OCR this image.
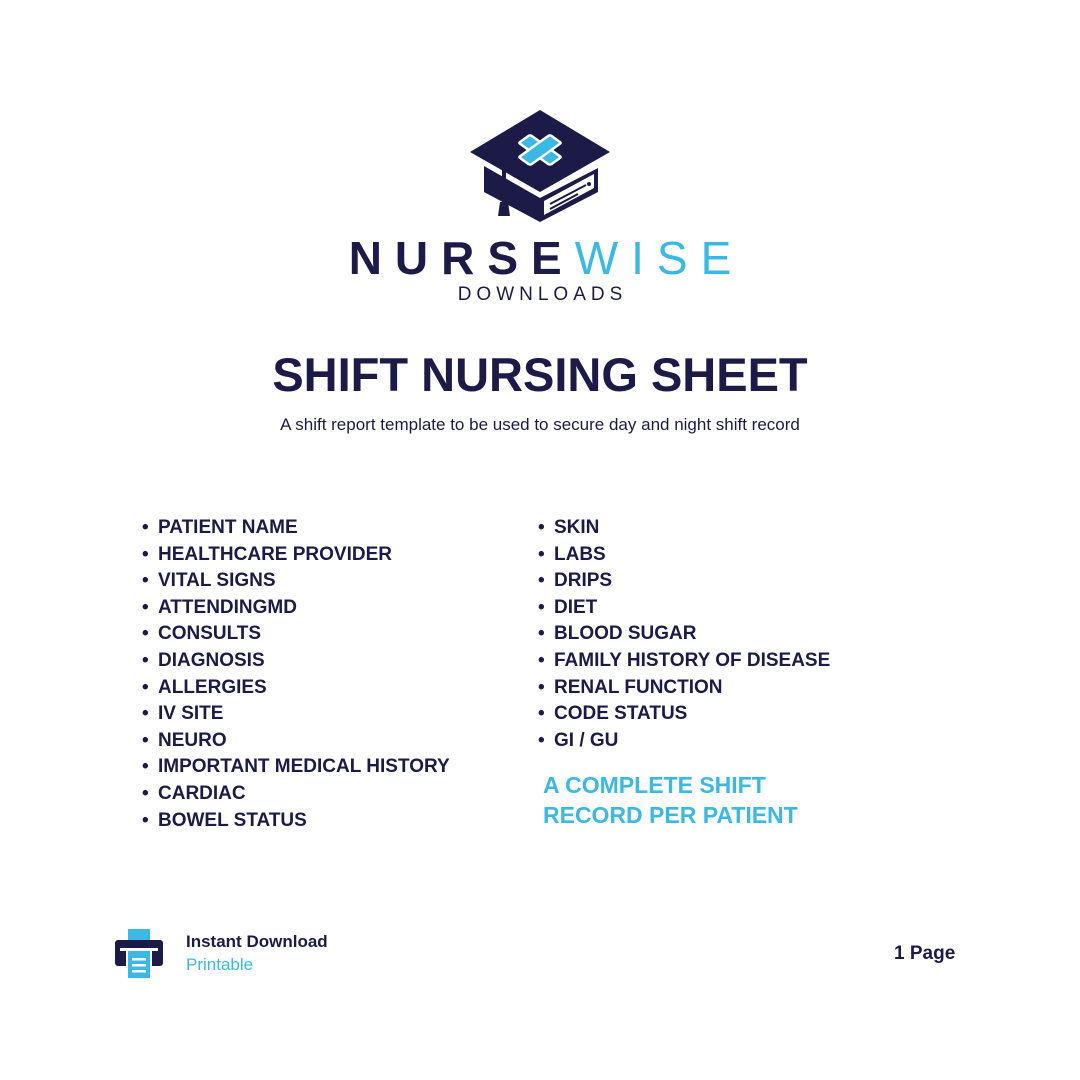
NURSEWISE
DOWNLOADS
SHIFT NURSING SHEET
A shift report template to be used to secure day and night shift record
• PATIENT NAME
• HEALTHCARE PROVIDER
• VITAL SIGNS
• ATTENDINGMD
• CONSULTS
• DIAGNOSIS
• ALLERGIES
• IV SITE
• NEURO
• IMPORTANT MEDICAL HISTORY
• CARDIAC
• BOWEL STATUS
• SKIN
• LABS
• DRIPS
• DIET
• BLOOD SUGAR
• FAMILY HISTORY OF DISEASE
• RENAL FUNCTION
• CODE STATUS
• GI / GU
A COMPLETE SHIFT
RECORD PER PATIENT
Instant Download
Printable
1 Page
